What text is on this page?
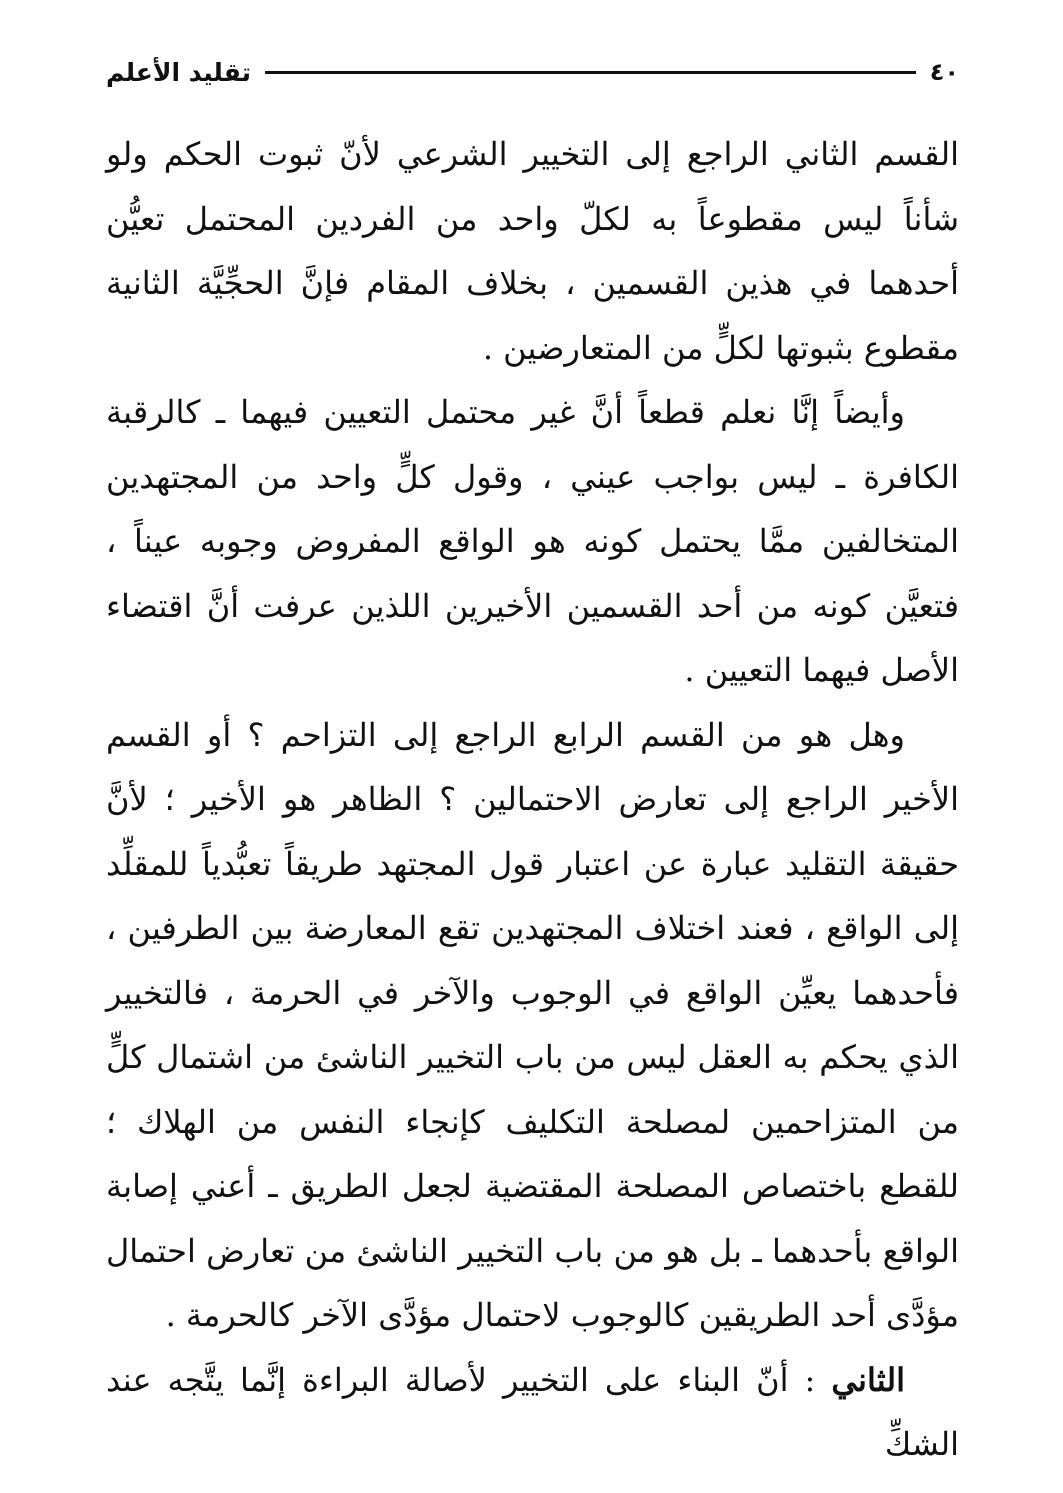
٤٠
تقليد الأعلم

القسم الثاني الراجع إلى التخيير الشرعي لأنّ ثبوت الحكم ولو شأناً ليس مقطوعاً به لكلّ واحد من الفردين المحتمل تعيُّن أحدهما في هذين القسمين ، بخلاف المقام فإنَّ الحجِّيَّة الثانية مقطوع بثبوتها لكلٍّ من المتعارضين .

وأيضاً إنَّا نعلم قطعاً أنَّ غير محتمل التعيين فيهما ـ كالرقبة الكافرة ـ ليس بواجب عيني ، وقول كلٍّ واحد من المجتهدين المتخالفين ممَّا يحتمل كونه هو الواقع المفروض وجوبه عيناً ، فتعيَّن كونه من أحد القسمين الأخيرين اللذين عرفت أنَّ اقتضاء الأصل فيهما التعيين .

وهل هو من القسم الرابع الراجع إلى التزاحم ؟ أو القسم الأخير الراجع إلى تعارض الاحتمالين ؟ الظاهر هو الأخير ؛ لأنَّ حقيقة التقليد عبارة عن اعتبار قول المجتهد طريقاً تعبُّدياً للمقلِّد إلى الواقع ، فعند اختلاف المجتهدين تقع المعارضة بين الطرفين ، فأحدهما يعيِّن الواقع في الوجوب والآخر في الحرمة ، فالتخيير الذي يحكم به العقل ليس من باب التخيير الناشئ من اشتمال كلٍّ من المتزاحمين لمصلحة التكليف كإنجاء النفس من الهلاك ؛ للقطع باختصاص المصلحة المقتضية لجعل الطريق ـ أعني إصابة الواقع بأحدهما ـ بل هو من باب التخيير الناشئ من تعارض احتمال مؤدَّى أحد الطريقين كالوجوب لاحتمال مؤدَّى الآخر كالحرمة .

الثاني : أنّ البناء على التخيير لأصالة البراءة إنَّما يتَّجه عند الشكِّ
